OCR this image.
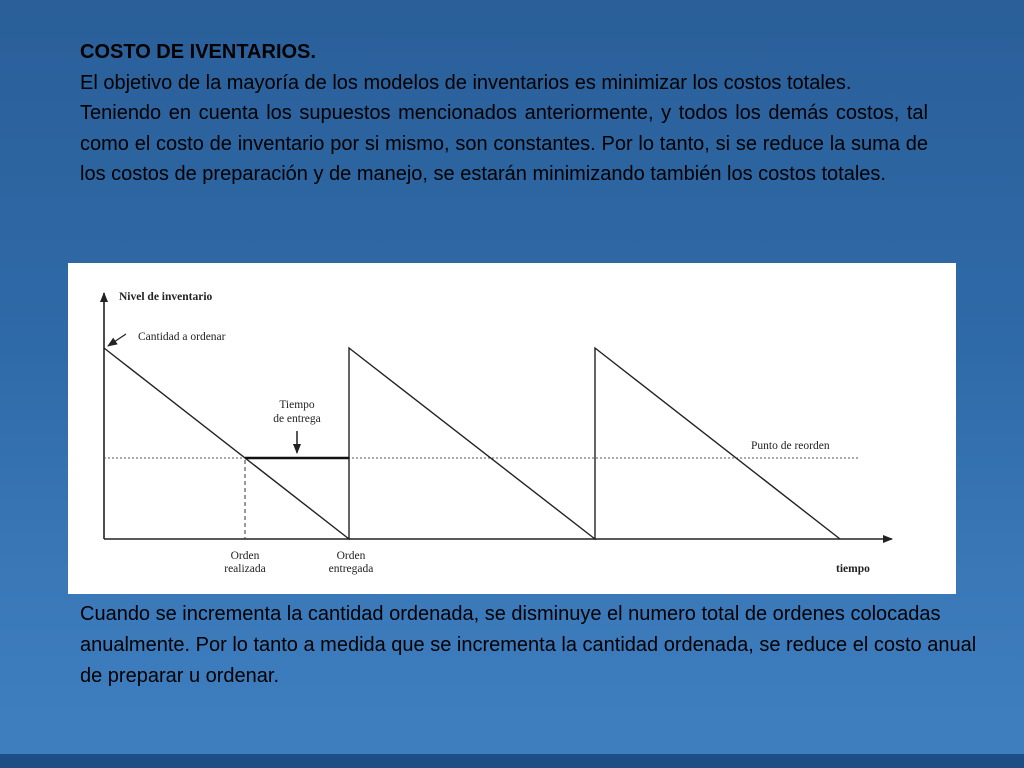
COSTO DE IVENTARIOS.
El objetivo de la mayoría de los modelos de inventarios es minimizar los costos totales.
Teniendo en cuenta los supuestos mencionados anteriormente, y todos los demás costos, tal como el costo de inventario por si mismo, son constantes. Por lo tanto, si se reduce la suma de los costos de preparación y de manejo, se estarán minimizando también los costos totales.
Nivel de inventario
Cantidad a ordenar
Tiempo
de entrega
Punto de reorden
Orden
realizada
Orden
entregada	tiempo
Cuando se incrementa la cantidad ordenada, se disminuye el numero total de ordenes colocadas anualmente. Por lo tanto a medida que se incrementa la cantidad ordenada, se reduce el costo anual de preparar u ordenar.
